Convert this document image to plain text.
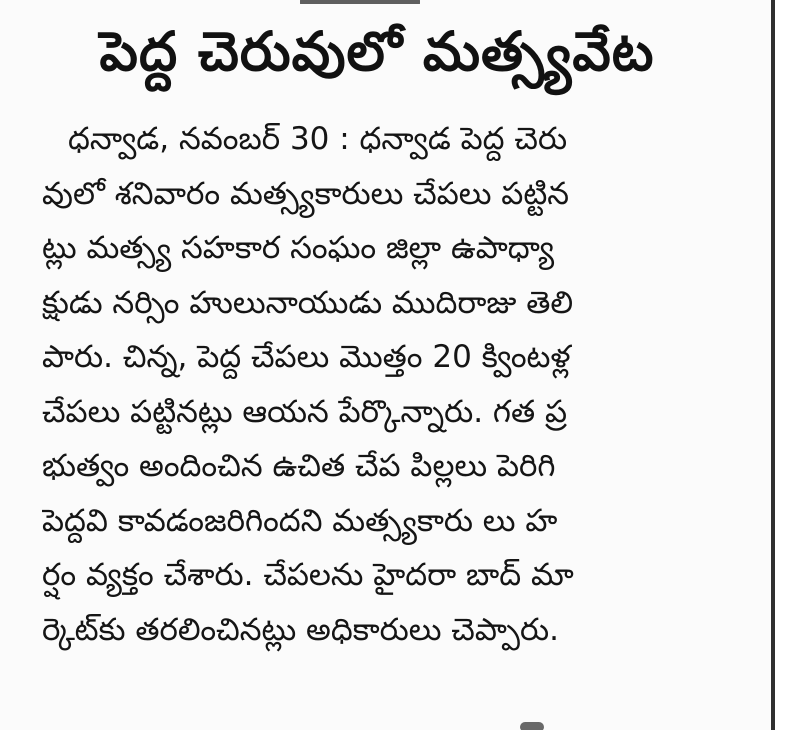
పెద్ద చెరువులో మత్స్యవేట
ధన్వాడ, నవంబర్ 30 : ధన్వాడ పెద్ద చెరు
వులో శనివారం మత్స్యకారులు చేపలు పట్టిన
ట్లు మత్స్య సహకార సంఘం జిల్లా ఉపాధ్యా
క్షుడు నర్సిం హులునాయుడు ముదిరాజు తెలి
పారు. చిన్న, పెద్ద చేపలు మొత్తం 20 క్వింటళ్ల
చేపలు పట్టినట్లు ఆయన పేర్కొన్నారు. గత ప్ర
భుత్వం అందించిన ఉచిత చేప పిల్లలు పెరిగి
పెద్దవి కావడంజరిగిందని మత్స్యకారు లు హ
ర్షం వ్యక్తం చేశారు. చేపలను హైదరా బాద్ మా
ర్కెట్‌కు తరలించినట్లు అధికారులు చెప్పారు.
